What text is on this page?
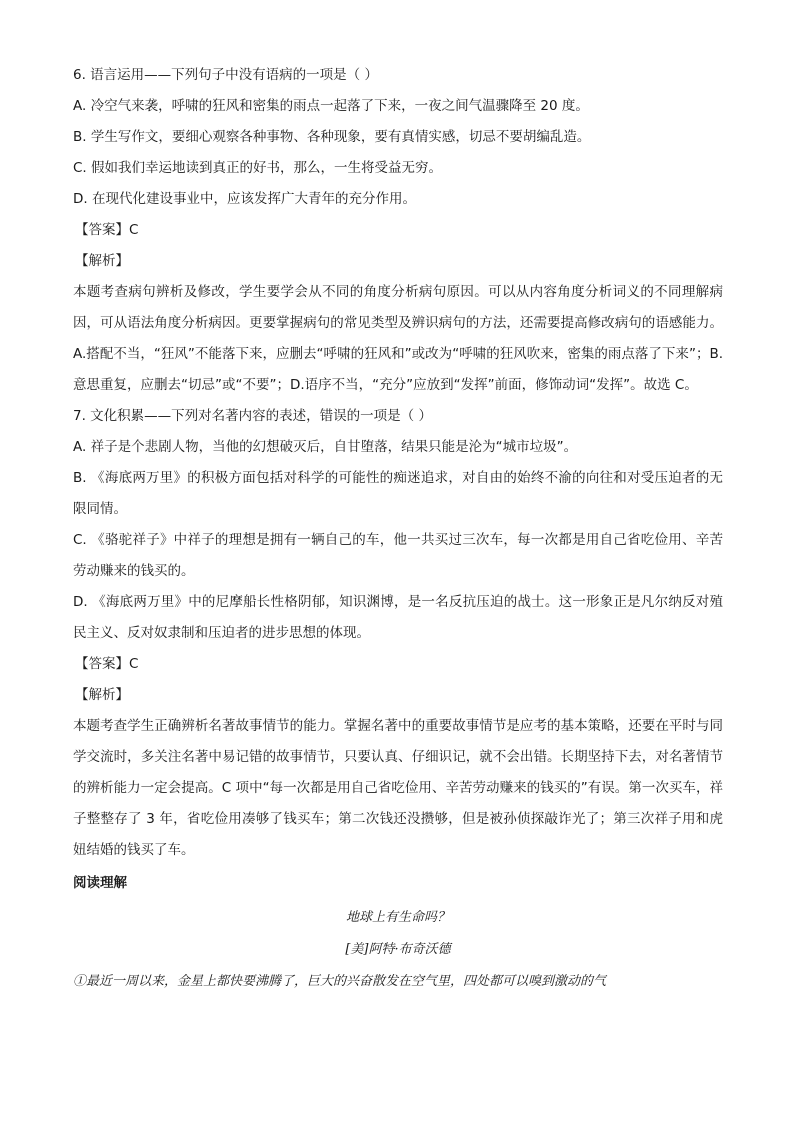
6. 语言运用——下列句子中没有语病的一项是（ ）

A. 冷空气来袭，呼啸的狂风和密集的雨点一起落了下来，一夜之间气温骤降至 20 度。

B. 学生写作文，要细心观察各种事物、各种现象，要有真情实感，切忌不要胡编乱造。

C. 假如我们幸运地读到真正的好书，那么，一生将受益无穷。

D. 在现代化建设事业中，应该发挥广大青年的充分作用。

【答案】C

【解析】

本题考查病句辨析及修改，学生要学会从不同的角度分析病句原因。可以从内容角度分析词义的不同理解病因，可从语法角度分析病因。更要掌握病句的常见类型及辨识病句的方法，还需要提高修改病句的语感能力。A.搭配不当，“狂风”不能落下来，应删去“呼啸的狂风和”或改为“呼啸的狂风吹来，密集的雨点落了下来”；B.意思重复，应删去“切忌”或“不要”；D.语序不当，“充分”应放到“发挥”前面，修饰动词“发挥”。故选 C。

7. 文化积累——下列对名著内容的表述，错误的一项是（ ）

A. 祥子是个悲剧人物，当他的幻想破灭后，自甘堕落，结果只能是沦为“城市垃圾”。

B. 《海底两万里》的积极方面包括对科学的可能性的痴迷追求，对自由的始终不渝的向往和对受压迫者的无限同情。

C. 《骆驼祥子》中祥子的理想是拥有一辆自己的车，他一共买过三次车，每一次都是用自己省吃俭用、辛苦劳动赚来的钱买的。

D. 《海底两万里》中的尼摩船长性格阴郁，知识渊博，是一名反抗压迫的战士。这一形象正是凡尔纳反对殖民主义、反对奴隶制和压迫者的进步思想的体现。

【答案】C

【解析】

本题考查学生正确辨析名著故事情节的能力。掌握名著中的重要故事情节是应考的基本策略，还要在平时与同学交流时，多关注名著中易记错的故事情节，只要认真、仔细识记，就不会出错。长期坚持下去，对名著情节的辨析能力一定会提高。C 项中“每一次都是用自己省吃俭用、辛苦劳动赚来的钱买的”有误。第一次买车，祥子整整存了 3 年，省吃俭用凑够了钱买车；第二次钱还没攒够，但是被孙侦探敲诈光了；第三次祥子用和虎妞结婚的钱买了车。

阅读理解

地球上有生命吗？

[美]阿特·布奇沃德

①最近一周以来，金星上都快要沸腾了，巨大的兴奋散发在空气里，四处都可以嗅到激动的气
